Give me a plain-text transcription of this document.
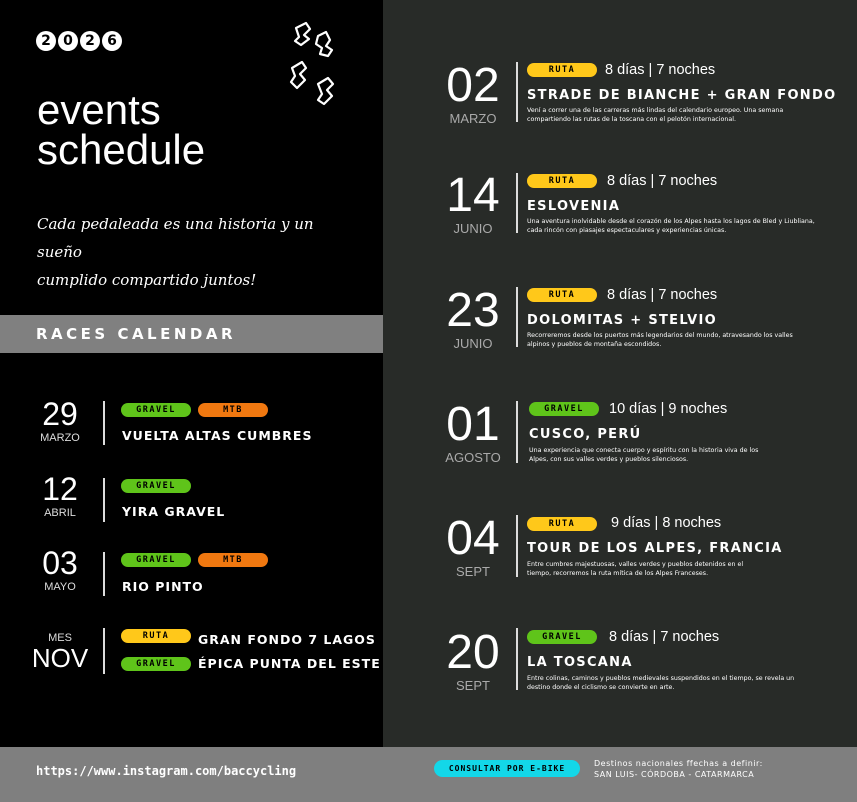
2 0 2 6
events
schedule
Cada pedaleada es una historia y un sueño
cumplido compartido juntos!
RACES CALENDAR
29
MARZO
GRAVEL	MTB
VUELTA ALTAS CUMBRES
12
ABRIL
GRAVEL
YIRA GRAVEL
03
MAYO
GRAVEL	MTB
RIO PINTO
MES
NOV
RUTA	GRAN FONDO 7 LAGOS
GRAVEL	ÉPICA PUNTA DEL ESTE
02
MARZO
RUTA	8 días | 7 noches
STRADE DE BIANCHE + GRAN FONDO
Vení a correr una de las carreras más lindas del calendario europeo. Una semana compartiendo las rutas de la toscana con el pelotón internacional.
14
JUNIO
RUTA	8 días | 7 noches
ESLOVENIA
Una aventura inolvidable desde el corazón de los Alpes hasta los lagos de Bled y Liubliana, cada rincón con piasajes espectaculares y experiencias únicas.
23
JUNIO
RUTA	8 días | 7 noches
DOLOMITAS + STELVIO
Recorreremos desde los puertos más legendarios del mundo, atravesando los valles alpinos y pueblos de montaña escondidos.
01
AGOSTO
GRAVEL	10 días | 9 noches
CUSCO, PERÚ
Una experiencia que conecta cuerpo y espíritu con la historia viva de los Alpes, con sus valles verdes y pueblos silenciosos.
04
SEPT
RUTA	9 días | 8 noches
TOUR DE LOS ALPES, FRANCIA
Entre cumbres majestuosas, valles verdes y pueblos detenidos en el tiempo, recorremos la ruta mítica de los Alpes Franceses.
20
SEPT
GRAVEL	8 días | 7 noches
LA TOSCANA
Entre colinas, caminos y pueblos medievales suspendidos en el tiempo, se revela un destino donde el ciclismo se convierte en arte.
https://www.instagram.com/baccycling	CONSULTAR POR E-BIKE
Destinos nacionales ffechas a definir:
SAN LUIS- CÓRDOBA - CATARMARCA
